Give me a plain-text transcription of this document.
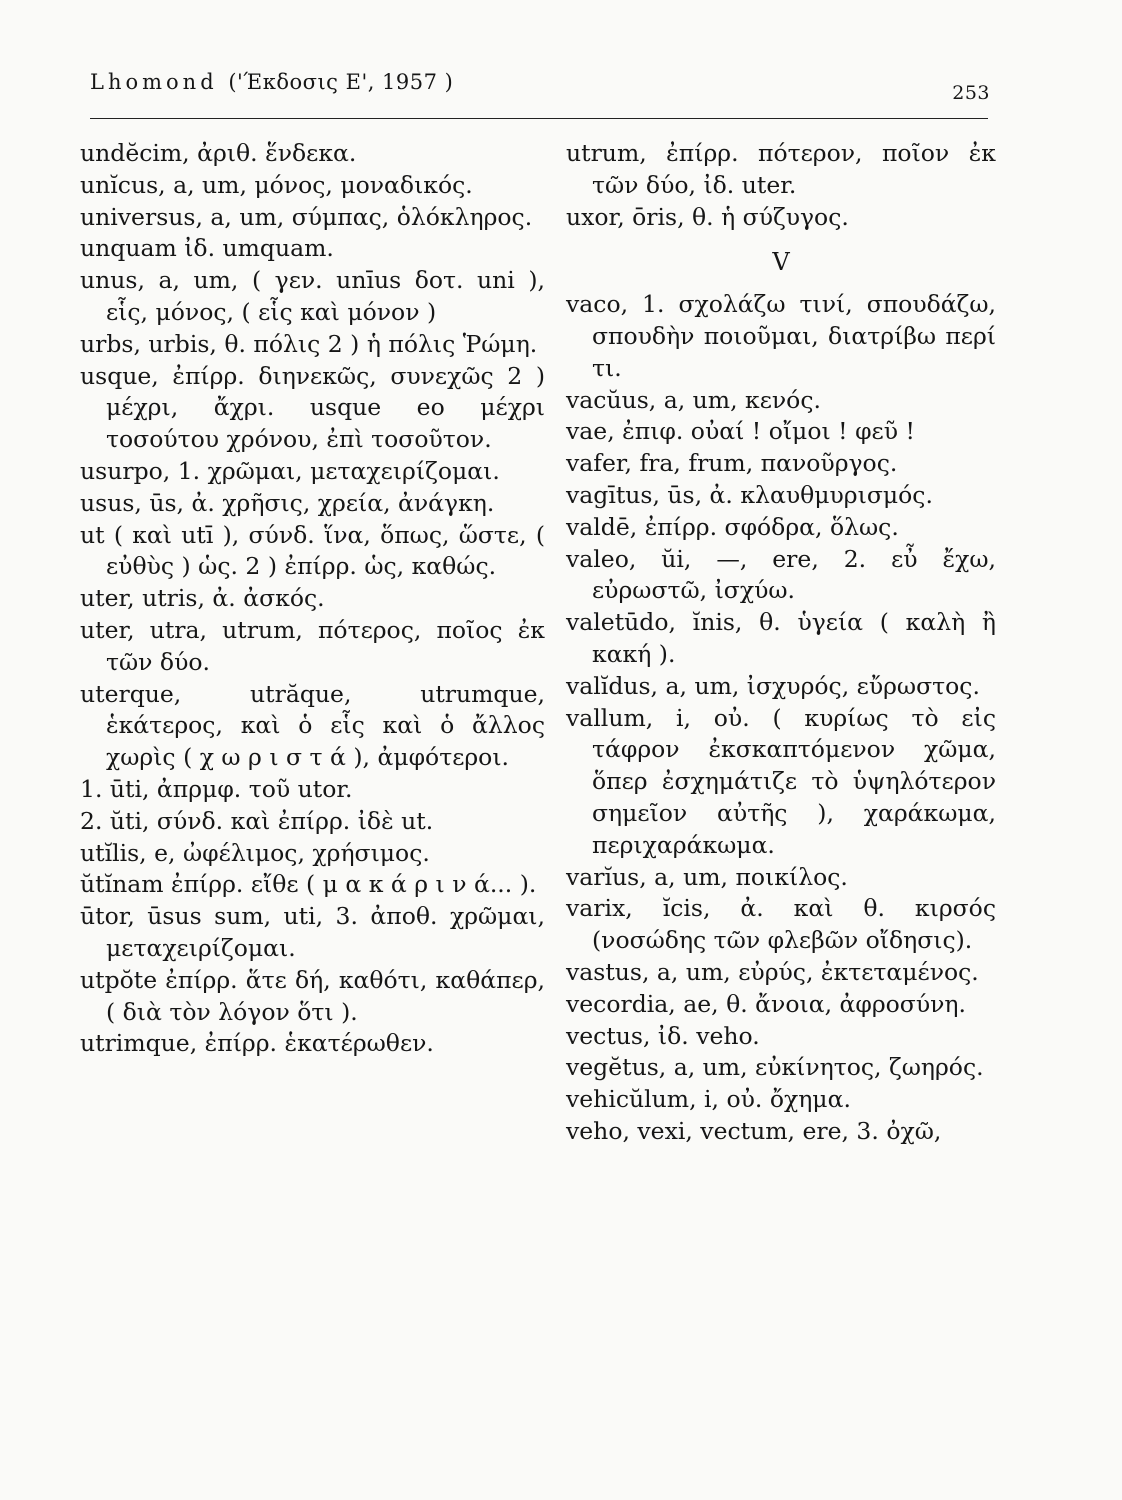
Lhomond ('Έκδοσις Ε', 1957 )	253

undĕcim, ἀριθ. ἕνδεκα.

unĭcus, a, um, μόνος, μοναδικός.

universus, a, um, σύμπας, ὁλόκληρος.

unquam ἰδ. umquam.

unus, a, um, ( γεν. unīus δοτ. uni ), εἷς, μόνος, ( εἷς καὶ μόνον )

urbs, urbis, θ. πόλις 2 ) ἡ πόλις Ῥώμη.

usque, ἐπίρρ. διηνεκῶς, συνεχῶς 2 ) μέχρι, ἄχρι. usque eo μέχρι τοσούτου χρόνου, ἐπὶ τοσοῦτον.

usurpo, 1. χρῶμαι, μεταχειρίζομαι.

usus, ūs, ἀ. χρῆσις, χρεία, ἀνάγκη.

ut ( καὶ utī ), σύνδ. ἵνα, ὅπως, ὥστε, ( εὐθὺς ) ὡς. 2 ) ἐπίρρ. ὡς, καθώς.

uter, utris, ἀ. ἀσκός.

uter, utra, utrum, πότερος, ποῖος ἐκ τῶν δύο.

uterque, utrăque, utrumque, ἑκάτερος, καὶ ὁ εἷς καὶ ὁ ἄλλος χωρὶς ( χ ω ρ ι σ τ ά ), ἀμφότεροι.

1. ūti, ἀπρμφ. τοῦ utor.

2. ŭti, σύνδ. καὶ ἐπίρρ. ἰδὲ ut.

utĭlis, e, ὠφέλιμος, χρήσιμος.

ŭtĭnam ἐπίρρ. εἴθε ( μ α κ ά ρ ι ν ά... ).

ūtor, ūsus sum, uti, 3. ἀποθ. χρῶμαι, μεταχειρίζομαι.

utpŏte ἐπίρρ. ἅτε δή, καθότι, καθάπερ, ( διὰ τὸν λόγον ὅτι ).

utrimque, ἐπίρρ. ἑκατέρωθεν.

utrum, ἐπίρρ. πότερον, ποῖον ἐκ τῶν δύο, ἰδ. uter.

uxor, ōris, θ. ἡ σύζυγος.

V

vaco, 1. σχολάζω τινί, σπουδάζω, σπουδὴν ποιοῦμαι, διατρίβω περί τι.

vacŭus, a, um, κενός.

vae, ἐπιφ. οὐαί ! οἴμοι ! φεῦ !

vafer, fra, frum, πανοῦργος.

vagītus, ūs, ἀ. κλαυθμυρισμός.

valdē, ἐπίρρ. σφόδρα, ὅλως.

valeo, ŭi, —, ere, 2. εὖ ἔχω, εὐρωστῶ, ἰσχύω.

valetūdo, ĭnis, θ. ὑγεία ( καλὴ ἢ κακή ).

valĭdus, a, um, ἰσχυρός, εὔρωστος.

vallum, i, οὐ. ( κυρίως τὸ εἰς τάφρον ἐκσκαπτόμενον χῶμα, ὅπερ ἐσχημάτιζε τὸ ὑψηλότερον σημεῖον αὐτῆς ), χαράκωμα, περιχαράκωμα.

varĭus, a, um, ποικίλος.

varix, ĭcis, ἀ. καὶ θ. κιρσός (νοσώδης τῶν φλεβῶν οἴδησις).

vastus, a, um, εὐρύς, ἐκτεταμένος.

vecordia, ae, θ. ἄνοια, ἀφροσύνη.

vectus, ἰδ. veho.

vegĕtus, a, um, εὐκίνητος, ζωηρός.

vehicŭlum, i, οὐ. ὄχημα.

veho, vexi, vectum, ere, 3. ὀχῶ,
